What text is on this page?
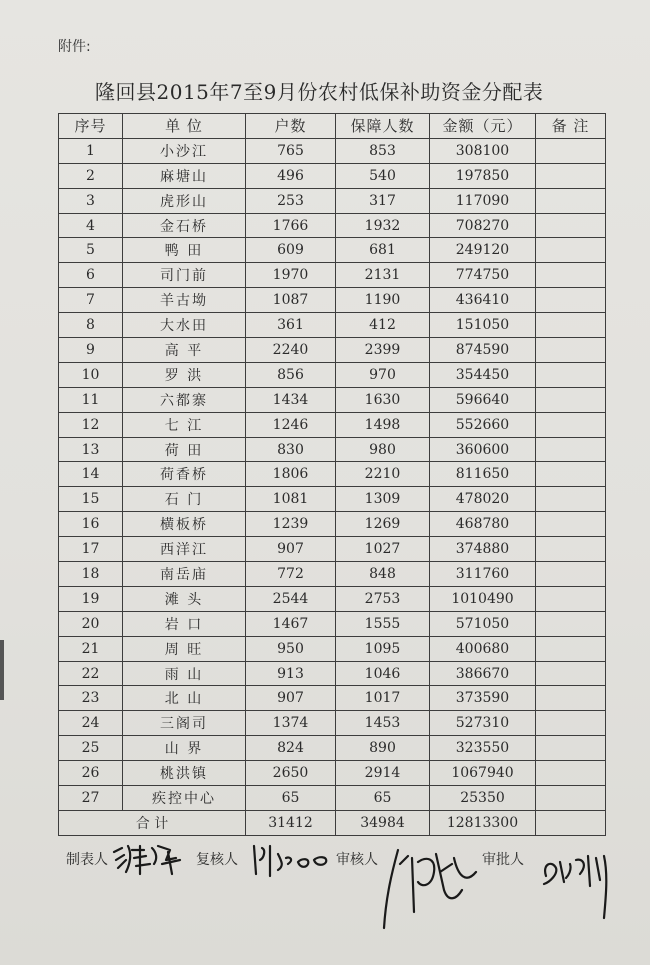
附件:
隆回县2015年7至9月份农村低保补助资金分配表
序号	单 位	户数	保障人数	金额（元）	备 注
1	小沙江	765	853	308100	
2	麻塘山	496	540	197850	
3	虎形山	253	317	117090	
4	金石桥	1766	1932	708270	
5	鸭 田	609	681	249120	
6	司门前	1970	2131	774750	
7	羊古坳	1087	1190	436410	
8	大水田	361	412	151050	
9	高 平	2240	2399	874590	
10	罗 洪	856	970	354450	
11	六都寨	1434	1630	596640	
12	七 江	1246	1498	552660	
13	荷 田	830	980	360600	
14	荷香桥	1806	2210	811650	
15	石 门	1081	1309	478020	
16	横板桥	1239	1269	468780	
17	西洋江	907	1027	374880	
18	南岳庙	772	848	311760	
19	滩 头	2544	2753	1010490	
20	岩 口	1467	1555	571050	
21	周 旺	950	1095	400680	
22	雨 山	913	1046	386670	
23	北 山	907	1017	373590	
24	三阁司	1374	1453	527310	
25	山 界	824	890	323550	
26	桃洪镇	2650	2914	1067940	
27	疾控中心	65	65	25350	
合 计		31412	34984	12813300	
制表人	复核人	审核人	审批人
